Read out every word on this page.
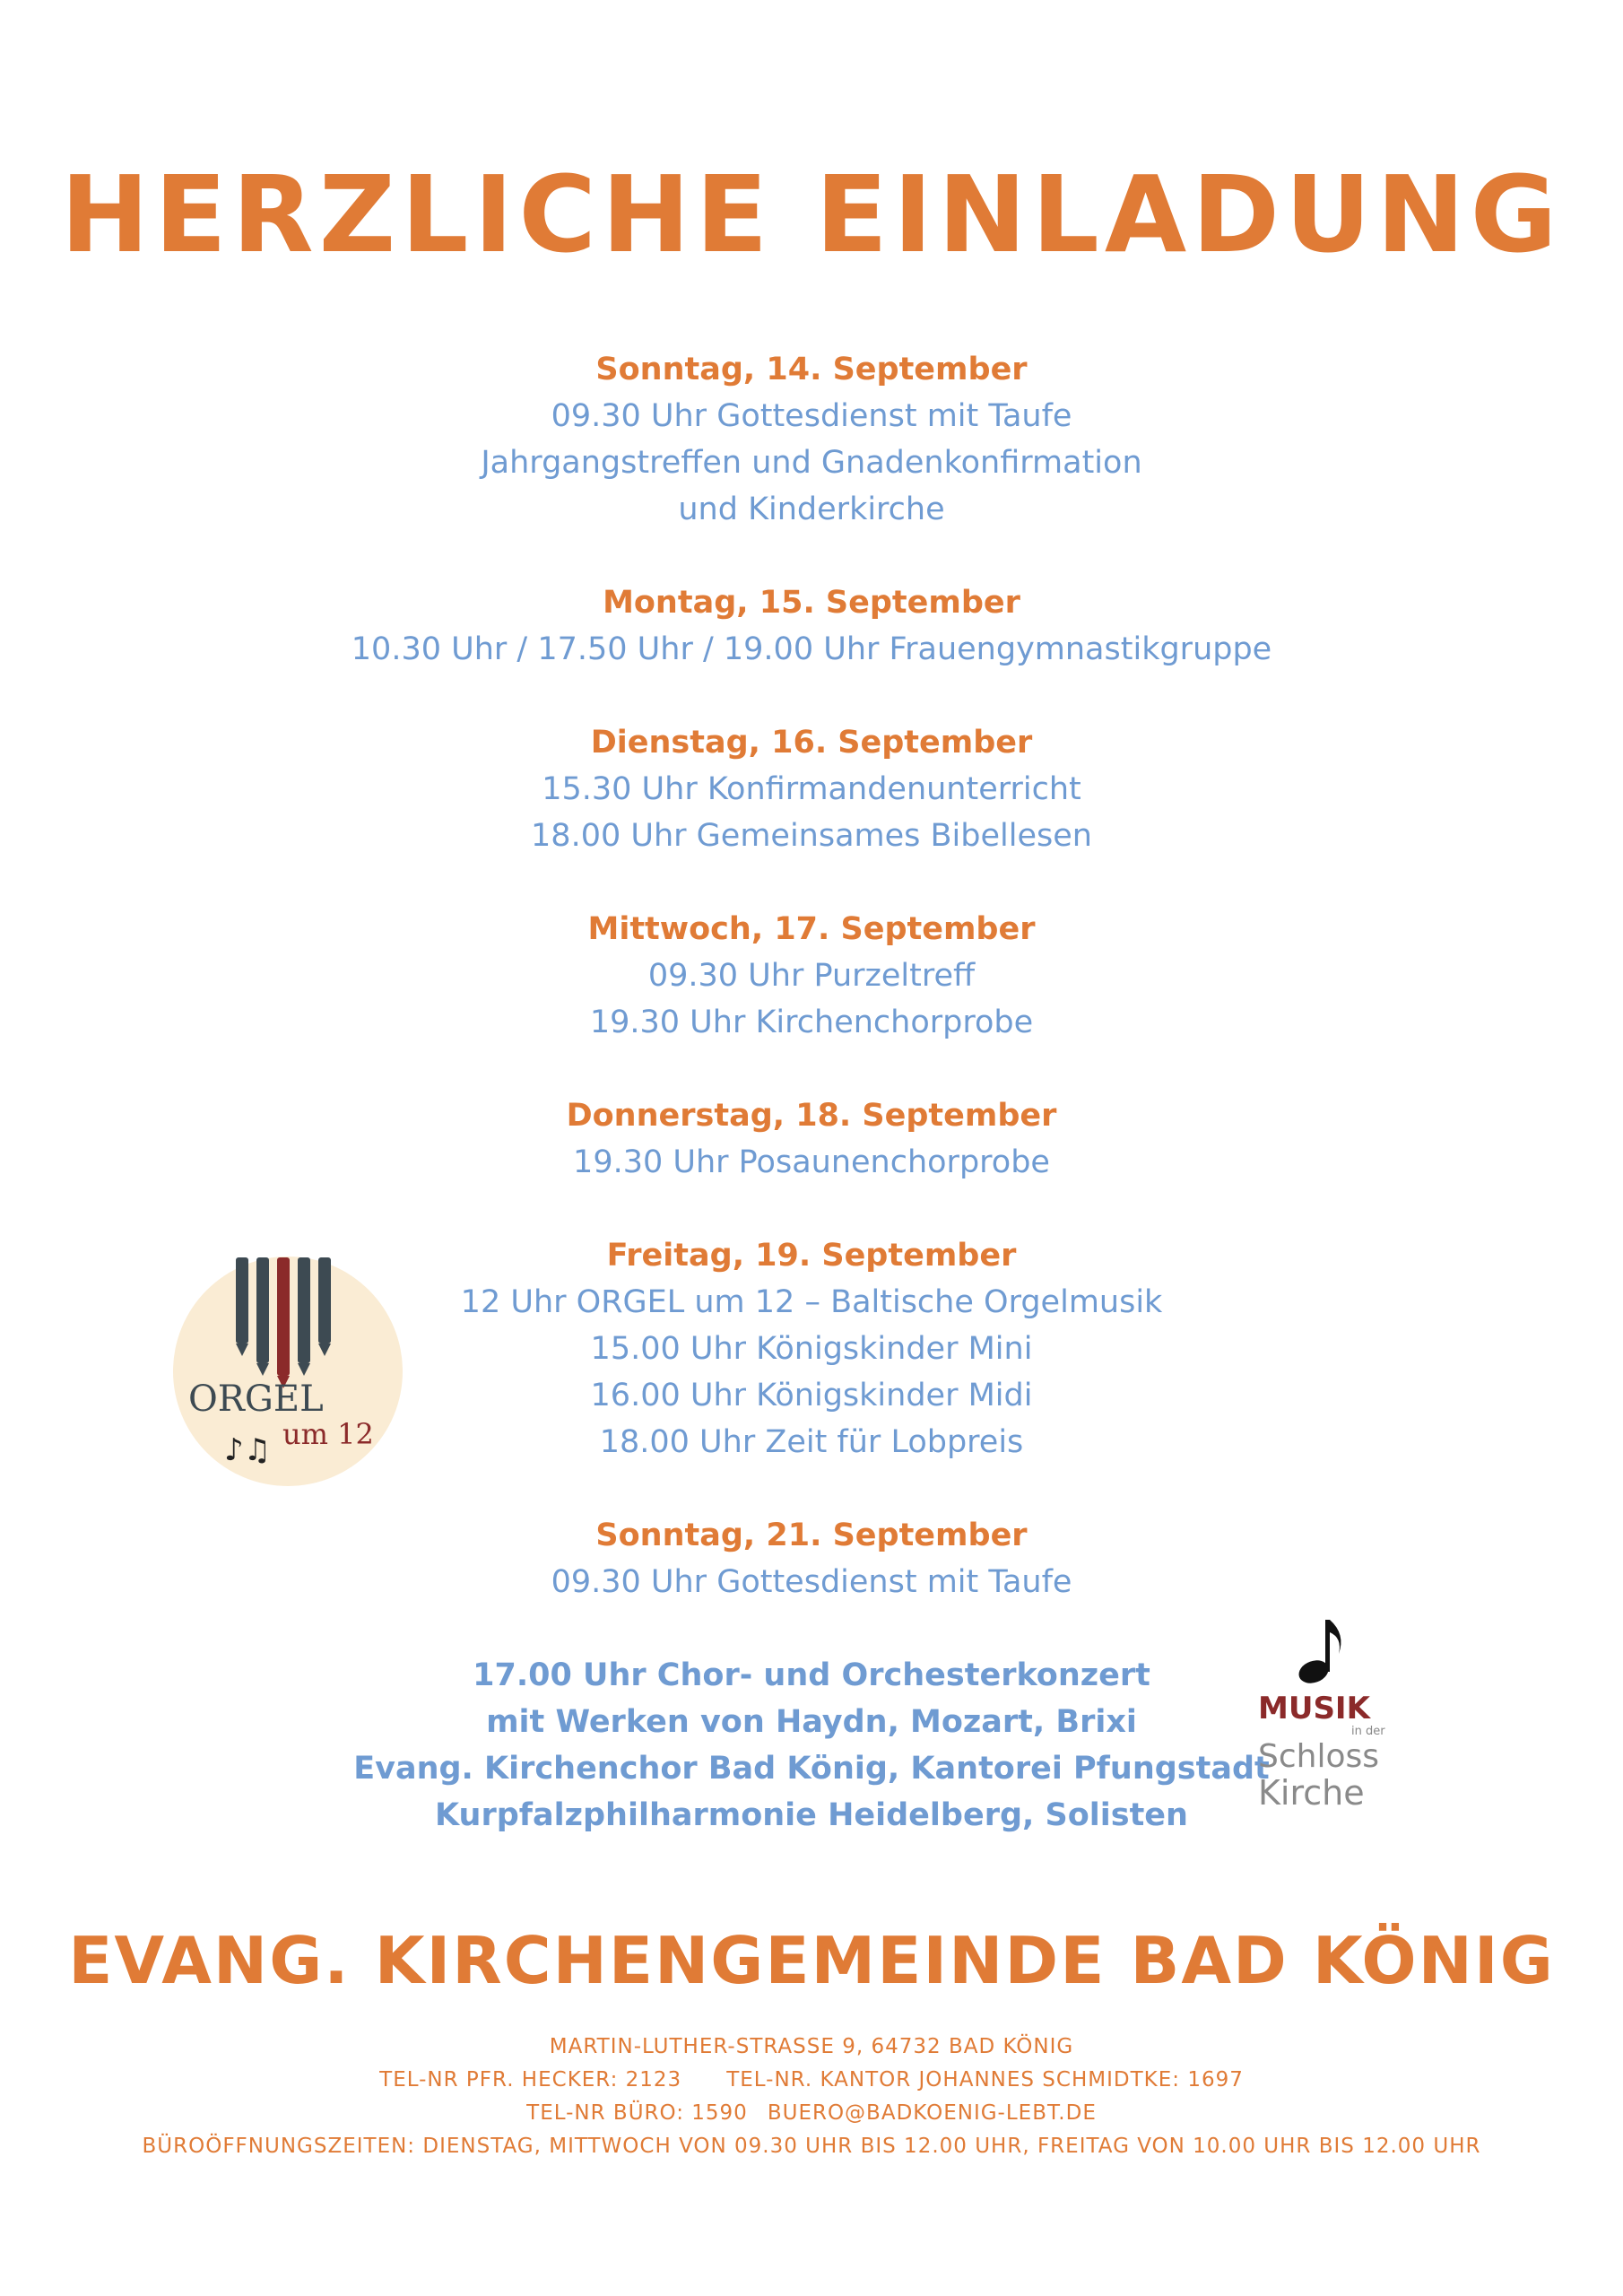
HERZLICHE EINLADUNG
Sonntag, 14. September
09.30 Uhr Gottesdienst mit Taufe
Jahrgangstreffen und Gnadenkonfirmation
und Kinderkirche
Montag, 15. September
10.30 Uhr / 17.50 Uhr / 19.00 Uhr Frauengymnastikgruppe
Dienstag, 16. September
15.30 Uhr Konfirmandenunterricht
18.00 Uhr Gemeinsames Bibellesen
Mittwoch, 17. September
09.30 Uhr Purzeltreff
19.30 Uhr Kirchenchorprobe
Donnerstag, 18. September
19.30 Uhr Posaunenchorprobe
Freitag, 19. September
12 Uhr ORGEL um 12 – Baltische Orgelmusik
15.00 Uhr Königskinder Mini
16.00 Uhr Königskinder Midi
18.00 Uhr Zeit für Lobpreis
Sonntag, 21. September
09.30 Uhr Gottesdienst mit Taufe
17.00 Uhr Chor- und Orchesterkonzert
mit Werken von Haydn, Mozart, Brixi
Evang. Kirchenchor Bad König, Kantorei Pfungstadt
Kurpfalzphilharmonie Heidelberg, Solisten
ORGEL
um 12
♪♫
MUSIK
in der
Schloss
Kirche
EVANG. KIRCHENGEMEINDE BAD KÖNIG
MARTIN-LUTHER-STRASSE 9, 64732 BAD KÖNIG
TEL-NR PFR. HECKER: 2123 TEL-NR. KANTOR JOHANNES SCHMIDTKE: 1697
TEL-NR BÜRO: 1590 BUERO@BADKOENIG-LEBT.DE
BÜROÖFFNUNGSZEITEN: DIENSTAG, MITTWOCH VON 09.30 UHR BIS 12.00 UHR, FREITAG VON 10.00 UHR BIS 12.00 UHR
